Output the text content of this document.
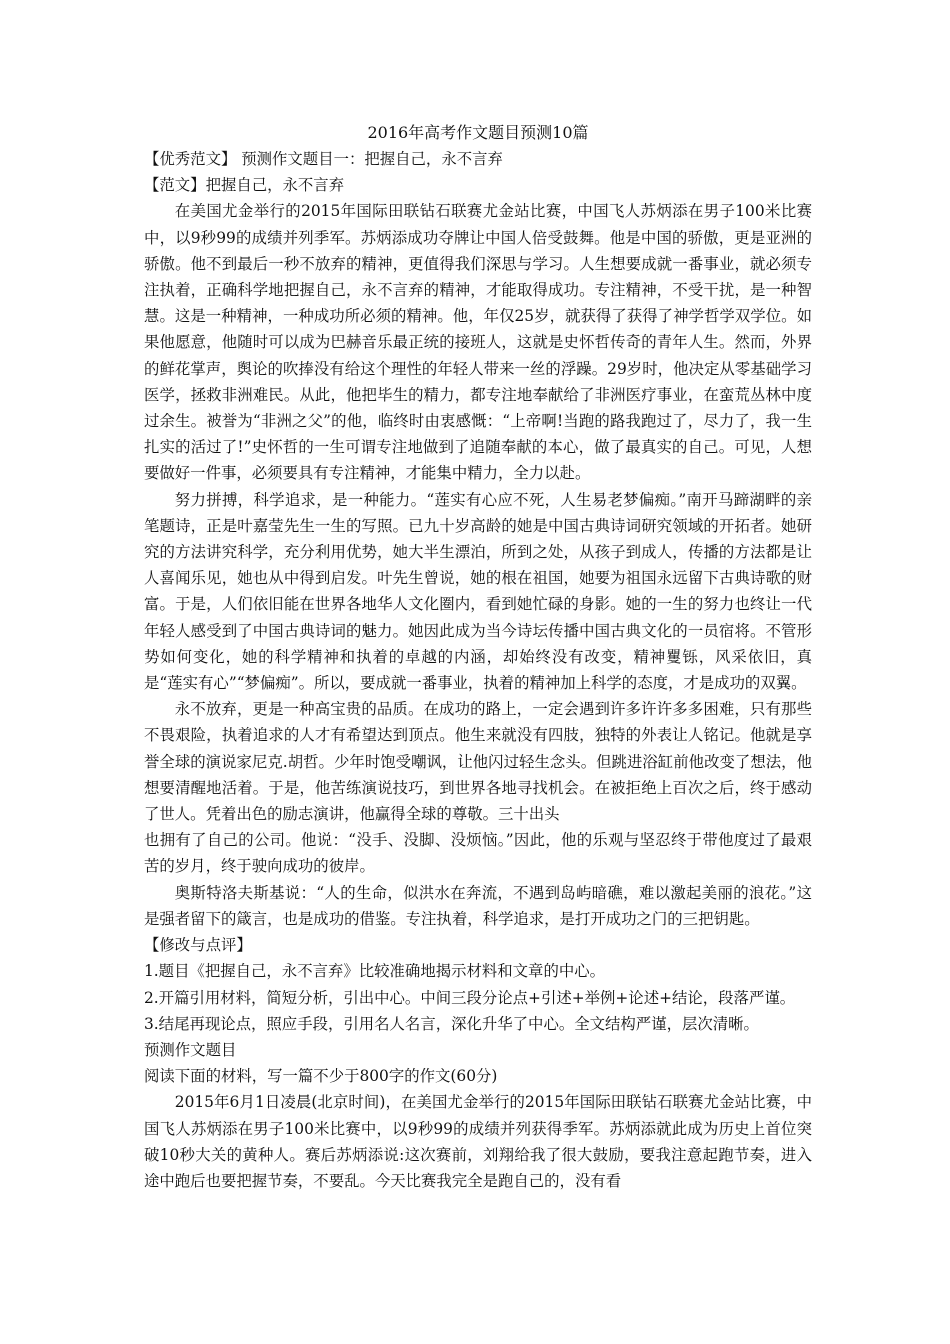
2016年高考作文题目预测10篇

【优秀范文】 预测作文题目一：把握自己，永不言弃

【范文】把握自己，永不言弃

在美国尤金举行的2015年国际田联钻石联赛尤金站比赛，中国飞人苏炳添在男子100米比赛中，以9秒99的成绩并列季军。苏炳添成功夺牌让中国人倍受鼓舞。他是中国的骄傲，更是亚洲的骄傲。他不到最后一秒不放弃的精神，更值得我们深思与学习。人生想要成就一番事业，就必须专注执着，正确科学地把握自己，永不言弃的精神，才能取得成功。专注精神，不受干扰，是一种智慧。这是一种精神，一种成功所必须的精神。他，年仅25岁，就获得了获得了神学哲学双学位。如果他愿意，他随时可以成为巴赫音乐最正统的接班人，这就是史怀哲传奇的青年人生。然而，外界的鲜花掌声，舆论的吹捧没有给这个理性的年轻人带来一丝的浮躁。29岁时，他决定从零基础学习医学，拯救非洲难民。从此，他把毕生的精力，都专注地奉献给了非洲医疗事业，在蛮荒丛林中度过余生。被誉为“非洲之父”的他，临终时由衷感慨：“上帝啊!当跑的路我跑过了，尽力了，我一生扎实的活过了!”史怀哲的一生可谓专注地做到了追随奉献的本心，做了最真实的自己。可见，人想要做好一件事，必须要具有专注精神，才能集中精力，全力以赴。

努力拼搏，科学追求，是一种能力。“莲实有心应不死，人生易老梦偏痴。”南开马蹄湖畔的亲笔题诗，正是叶嘉莹先生一生的写照。已九十岁高龄的她是中国古典诗词研究领域的开拓者。她研究的方法讲究科学，充分利用优势，她大半生漂泊，所到之处，从孩子到成人，传播的方法都是让人喜闻乐见，她也从中得到启发。叶先生曾说，她的根在祖国，她要为祖国永远留下古典诗歌的财富。于是，人们依旧能在世界各地华人文化圈内，看到她忙碌的身影。她的一生的努力也终让一代年轻人感受到了中国古典诗词的魅力。她因此成为当今诗坛传播中国古典文化的一员宿将。不管形势如何变化，她的科学精神和执着的卓越的内涵，却始终没有改变，精神矍铄，风采依旧，真是“莲实有心”“梦偏痴”。所以，要成就一番事业，执着的精神加上科学的态度，才是成功的双翼。

永不放弃，更是一种高宝贵的品质。在成功的路上，一定会遇到许多许许多多困难，只有那些不畏艰险，执着追求的人才有希望达到顶点。他生来就没有四肢，独特的外表让人铭记。他就是享誉全球的演说家尼克.胡哲。少年时饱受嘲讽，让他闪过轻生念头。但跳进浴缸前他改变了想法，他想要清醒地活着。于是，他苦练演说技巧，到世界各地寻找机会。在被拒绝上百次之后，终于感动了世人。凭着出色的励志演讲，他赢得全球的尊敬。三十出头

也拥有了自己的公司。他说：“没手、没脚、没烦恼。”因此，他的乐观与坚忍终于带他度过了最艰苦的岁月，终于驶向成功的彼岸。

奥斯特洛夫斯基说：“人的生命，似洪水在奔流，不遇到岛屿暗礁，难以激起美丽的浪花。”这是强者留下的箴言，也是成功的借鉴。专注执着，科学追求，是打开成功之门的三把钥匙。

【修改与点评】

1.题目《把握自己，永不言弃》比较准确地揭示材料和文章的中心。

2.开篇引用材料，简短分析，引出中心。中间三段分论点+引述+举例+论述+结论，段落严谨。

3.结尾再现论点，照应手段，引用名人名言，深化升华了中心。全文结构严谨，层次清晰。

预测作文题目

阅读下面的材料，写一篇不少于800字的作文(60分)

2015年6月1日凌晨(北京时间)，在美国尤金举行的2015年国际田联钻石联赛尤金站比赛，中国飞人苏炳添在男子100米比赛中，以9秒99的成绩并列获得季军。苏炳添就此成为历史上首位突破10秒大关的黄种人。赛后苏炳添说:这次赛前，刘翔给我了很大鼓励，要我注意起跑节奏，进入途中跑后也要把握节奏，不要乱。今天比赛我完全是跑自己的，没有看
